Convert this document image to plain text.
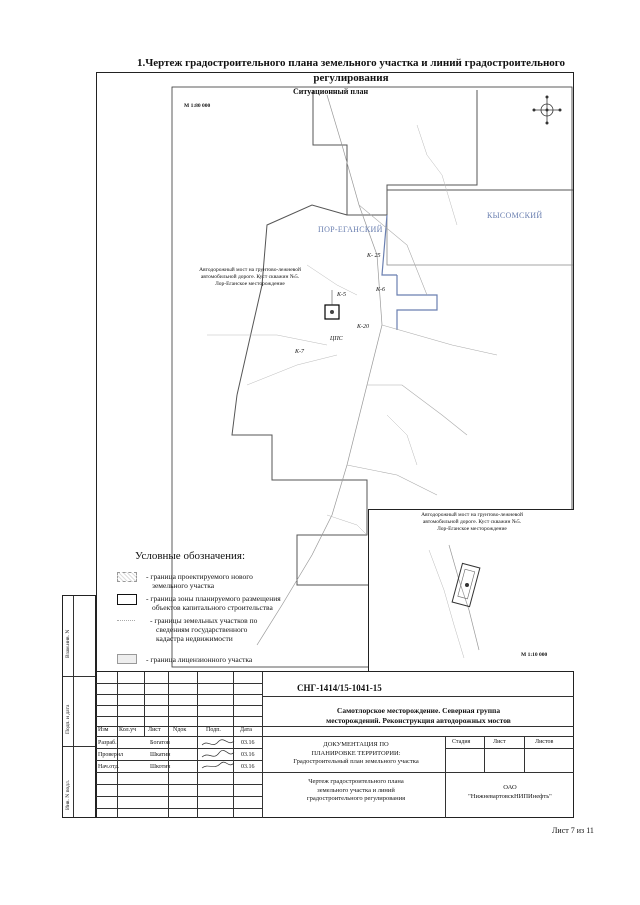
1.Чертеж градостроительного плана земельного участка и линий градостроительного
регулирования
Ситуационный план
М 1:80 000
ПОР-ЕГАНСКИЙ
КЫСОМСКИЙ
К- 25
К-6
К-5
К-20
ЦПС
К-7
Автодорожный мост на грунтово-лежневой
автомобильной дороге. Куст скважин №5.
Лор-Еганское месторождение
Автодорожный мост на грунтово-лежневой
автомобильной дороге. Куст скважин №5.
Лор-Еганское месторождение
М 1:10 000
Условные обозначения:
- граница проектируемого нового
земельного участка
- граница зоны планируемого размещения
объектов капитального строительства
- границы земельных участков по
сведениям государственного
кадастра недвижимости
- граница лицензионного участка
Взам.инв. N
Подп. и дата
Инв. N подл.
СНГ-1414/15-1041-15
Самотлорское месторождение. Северная группа
месторождений. Реконструкция автодорожных мостов
Изм Кол.уч Лист Nдок	Подп.	Дата
Разраб.	Богатов	03.16
Проверил	Шкатин	03.16
Нач.отд.	Шкотич	03.16
ДОКУМЕНТАЦИЯ ПО
ПЛАНИРОВКЕ ТЕРРИТОРИИ:
Градостроительный план земельного участка
Стадия	Лист	Листов
Чертеж градостроительного плана
земельного участка и линий
градостроительного регулирования
ОАО
"НижневартовскНИПИнефть"
Лист 7 из 11
